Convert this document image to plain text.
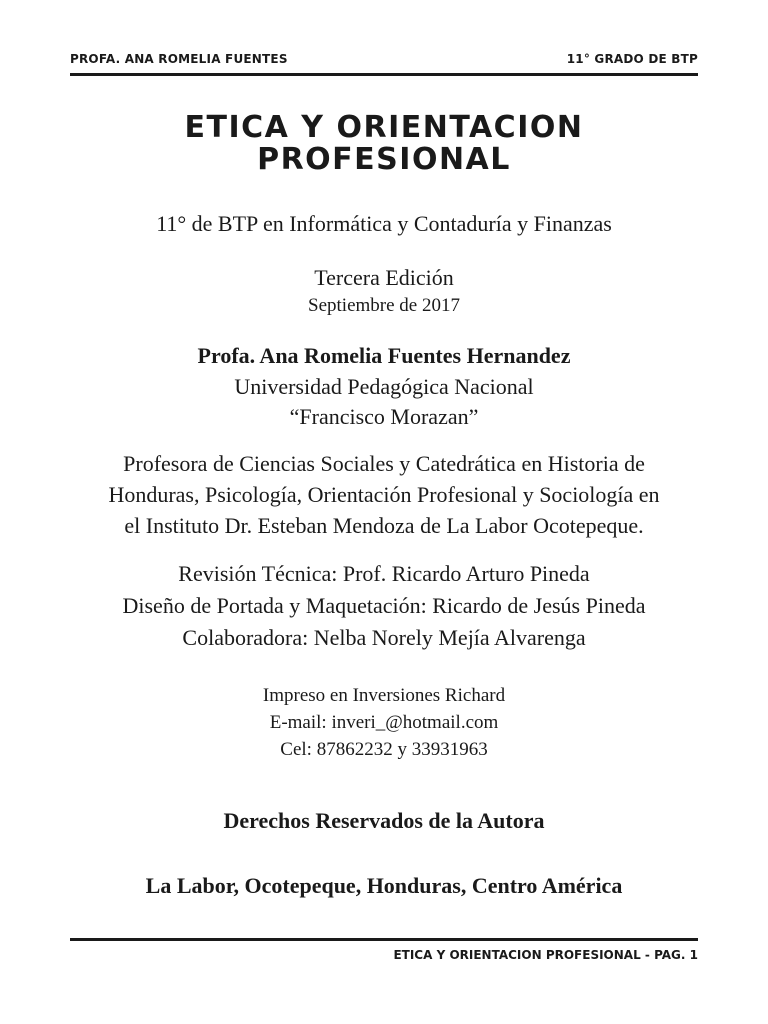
PROFA. ANA ROMELIA FUENTES	11° GRADO DE BTP
ETICA Y ORIENTACION
PROFESIONAL
11° de BTP en Informática y Contaduría y Finanzas
Tercera Edición
Septiembre de 2017
Profa. Ana Romelia Fuentes Hernandez
Universidad Pedagógica Nacional
“Francisco Morazan”
Profesora de Ciencias Sociales y Catedrática en Historia de
Honduras, Psicología, Orientación Profesional y Sociología en
el Instituto Dr. Esteban Mendoza de La Labor Ocotepeque.
Revisión Técnica: Prof. Ricardo Arturo Pineda
Diseño de Portada y Maquetación: Ricardo de Jesús Pineda
Colaboradora: Nelba Norely Mejía Alvarenga
Impreso en Inversiones Richard
E-mail: inveri_@hotmail.com
Cel: 87862232 y 33931963
Derechos Reservados de la Autora
La Labor, Ocotepeque, Honduras, Centro América
ETICA Y ORIENTACION PROFESIONAL - PAG. 1
